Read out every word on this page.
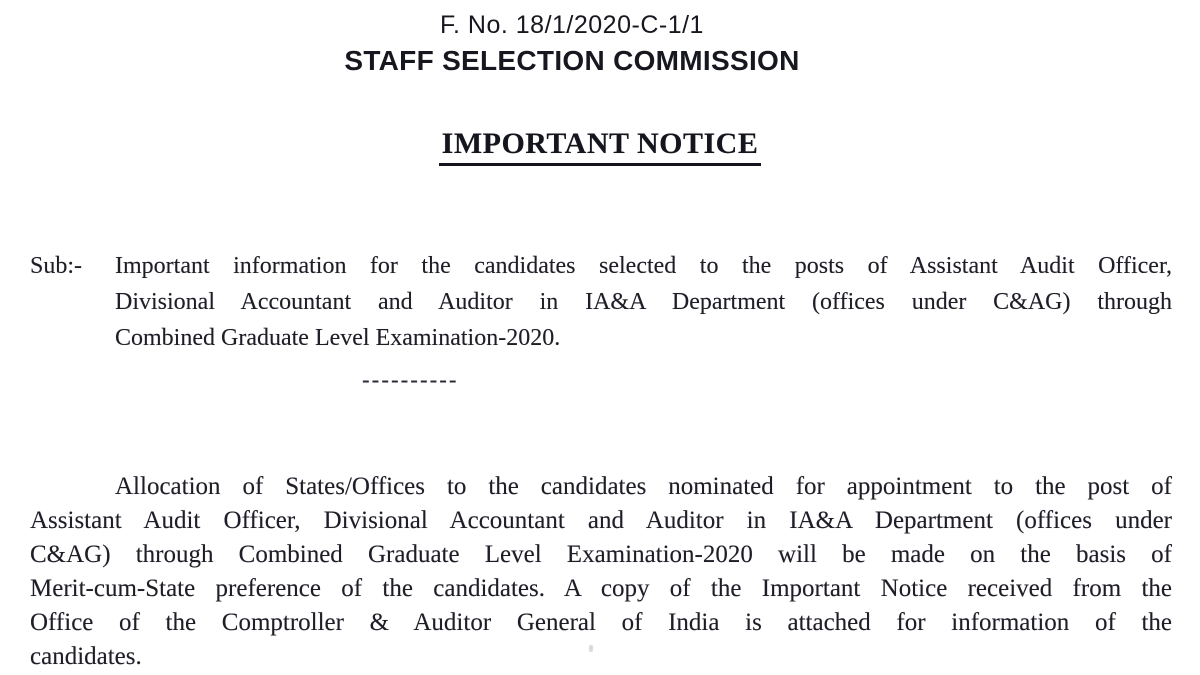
F. No. 18/1/2020-C-1/1
STAFF SELECTION COMMISSION
IMPORTANT NOTICE
Sub:- Important information for the candidates selected to the posts of Assistant Audit Officer,
Divisional Accountant and Auditor in IA&A Department (offices under C&AG) through
Combined Graduate Level Examination-2020.
----------
Allocation of States/Offices to the candidates nominated for appointment to the post of
Assistant Audit Officer, Divisional Accountant and Auditor in IA&A Department (offices under
C&AG) through Combined Graduate Level Examination-2020 will be made on the basis of
Merit-cum-State preference of the candidates. A copy of the Important Notice received from the
Office of the Comptroller & Auditor General of India is attached for information of the
candidates.
